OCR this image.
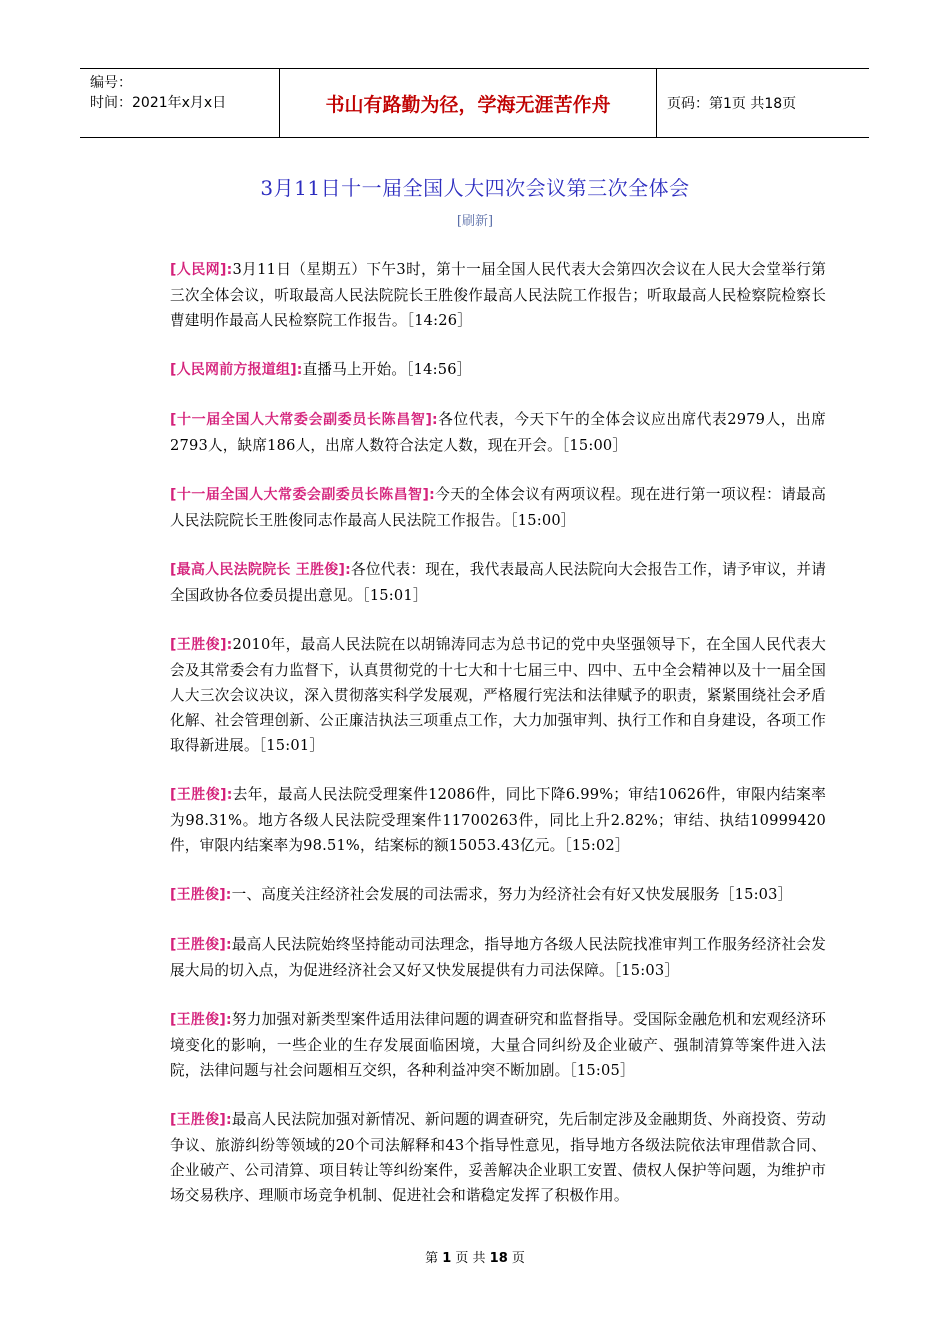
编号：
时间：2021年x月x日	书山有路勤为径，学海无涯苦作舟	页码：第1页 共18页
3月11日十一届全国人大四次会议第三次全体会
[刷新]

[人民网]:3月11日（星期五）下午3时，第十一届全国人民代表大会第四次会议在人民大会堂举行第三次全体会议，听取最高人民法院院长王胜俊作最高人民法院工作报告；听取最高人民检察院检察长曹建明作最高人民检察院工作报告。［14:26］

[人民网前方报道组]:直播马上开始。［14:56］

[十一届全国人大常委会副委员长陈昌智]:各位代表，今天下午的全体会议应出席代表2979人，出席2793人，缺席186人，出席人数符合法定人数，现在开会。［15:00］

[十一届全国人大常委会副委员长陈昌智]:今天的全体会议有两项议程。现在进行第一项议程：请最高人民法院院长王胜俊同志作最高人民法院工作报告。［15:00］

[最高人民法院院长 王胜俊]:各位代表：现在，我代表最高人民法院向大会报告工作，请予审议，并请全国政协各位委员提出意见。［15:01］

[王胜俊]:2010年，最高人民法院在以胡锦涛同志为总书记的党中央坚强领导下，在全国人民代表大会及其常委会有力监督下，认真贯彻党的十七大和十七届三中、四中、五中全会精神以及十一届全国人大三次会议决议，深入贯彻落实科学发展观，严格履行宪法和法律赋予的职责，紧紧围绕社会矛盾化解、社会管理创新、公正廉洁执法三项重点工作，大力加强审判、执行工作和自身建设，各项工作取得新进展。［15:01］

[王胜俊]:去年，最高人民法院受理案件12086件，同比下降6.99%；审结10626件，审限内结案率为98.31%。地方各级人民法院受理案件11700263件，同比上升2.82%；审结、执结10999420件，审限内结案率为98.51%，结案标的额15053.43亿元。［15:02］

[王胜俊]:一、高度关注经济社会发展的司法需求，努力为经济社会有好又快发展服务［15:03］

[王胜俊]:最高人民法院始终坚持能动司法理念，指导地方各级人民法院找准审判工作服务经济社会发展大局的切入点，为促进经济社会又好又快发展提供有力司法保障。［15:03］

[王胜俊]:努力加强对新类型案件适用法律问题的调查研究和监督指导。受国际金融危机和宏观经济环境变化的影响，一些企业的生存发展面临困境，大量合同纠纷及企业破产、强制清算等案件进入法院，法律问题与社会问题相互交织，各种利益冲突不断加剧。［15:05］

[王胜俊]:最高人民法院加强对新情况、新问题的调查研究，先后制定涉及金融期货、外商投资、劳动争议、旅游纠纷等领域的20个司法解释和43个指导性意见，指导地方各级法院依法审理借款合同、企业破产、公司清算、项目转让等纠纷案件，妥善解决企业职工安置、债权人保护等问题，为维护市场交易秩序、理顺市场竞争机制、促进社会和谐稳定发挥了积极作用。

第 1 页 共 18 页
